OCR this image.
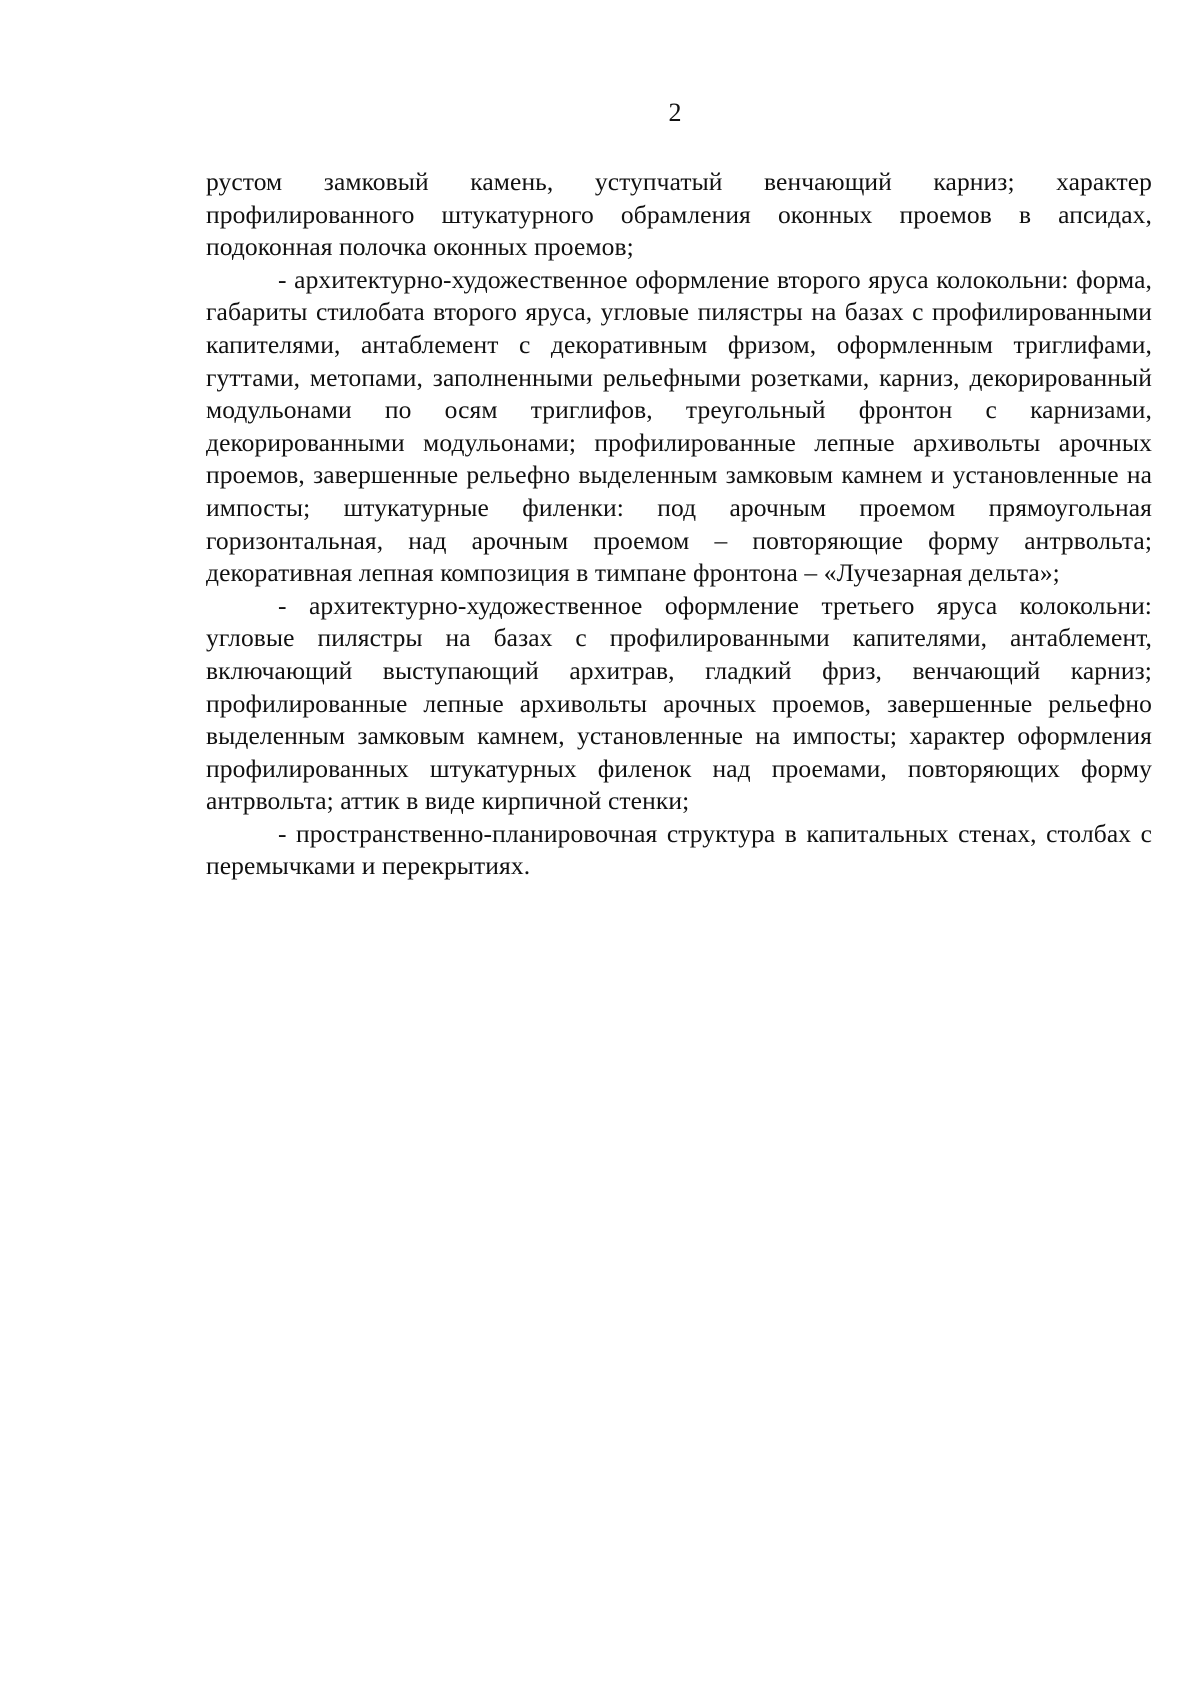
2

рустом замковый камень, уступчатый венчающий карниз; характер профилированного штукатурного обрамления оконных проемов в апсидах, подоконная полочка оконных проемов;

- архитектурно-художественное оформление второго яруса колокольни: форма, габариты стилобата второго яруса, угловые пилястры на базах с профилированными капителями, антаблемент с декоративным фризом, оформленным триглифами, гуттами, метопами, заполненными рельефными розетками, карниз, декорированный модульонами по осям триглифов, треугольный фронтон с карнизами, декорированными модульонами; профилированные лепные архивольты арочных проемов, завершенные рельефно выделенным замковым камнем и установленные на импосты; штукатурные филенки: под арочным проемом прямоугольная горизонтальная, над арочным проемом – повторяющие форму антрвольта; декоративная лепная композиция в тимпане фронтона – «Лучезарная дельта»;

- архитектурно-художественное оформление третьего яруса колокольни: угловые пилястры на базах с профилированными капителями, антаблемент, включающий выступающий архитрав, гладкий фриз, венчающий карниз; профилированные лепные архивольты арочных проемов, завершенные рельефно выделенным замковым камнем, установленные на импосты; характер оформления профилированных штукатурных филенок над проемами, повторяющих форму антрвольта; аттик в виде кирпичной стенки;

- пространственно-планировочная структура в капитальных стенах, столбах с перемычками и перекрытиях.
